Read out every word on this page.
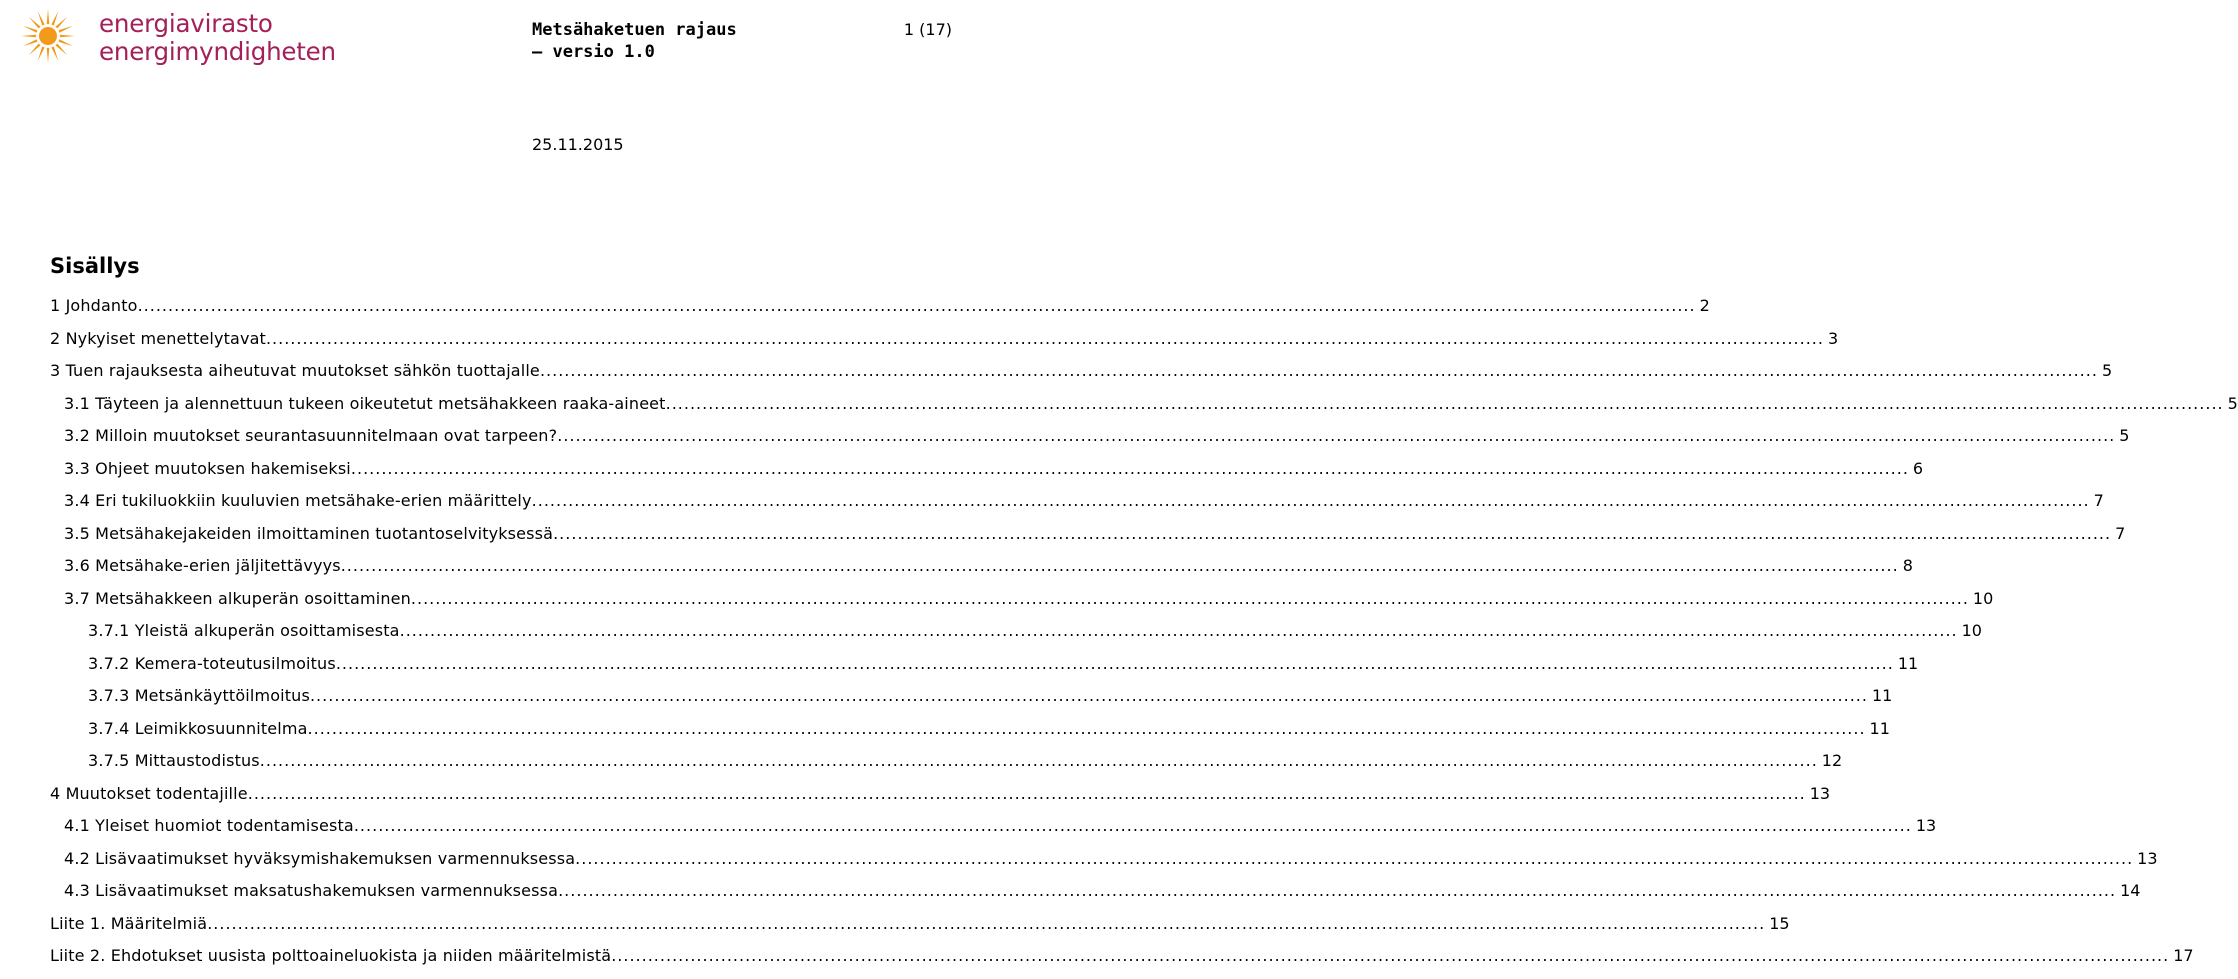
energiavirasto
energimyndigheten
Metsähaketuen rajaus
— versio 1.0
1 (17)
25.11.2015
Sisällys
1 Johdanto .....	2
2 Nykyiset menettelytavat .....	3
3 Tuen rajauksesta aiheutuvat muutokset sähkön tuottajalle .....	5
3.1 Täyteen ja alennettuun tukeen oikeutetut metsähakkeen raaka-aineet .....	5
3.2 Milloin muutokset seurantasuunnitelmaan ovat tarpeen? .....	5
3.3 Ohjeet muutoksen hakemiseksi .....	6
3.4 Eri tukiluokkiin kuuluvien metsähake-erien määrittely .....	7
3.5 Metsähakejakeiden ilmoittaminen tuotantoselvityksessä .....	7
3.6 Metsähake-erien jäljitettävyys .....	8
3.7 Metsähakkeen alkuperän osoittaminen .....	10
3.7.1 Yleistä alkuperän osoittamisesta .....	10
3.7.2 Kemera-toteutusilmoitus .....	11
3.7.3 Metsänkäyttöilmoitus .....	11
3.7.4 Leimikkosuunnitelma .....	11
3.7.5 Mittaustodistus .....	12
4 Muutokset todentajille .....	13
4.1 Yleiset huomiot todentamisesta .....	13
4.2 Lisävaatimukset hyväksymishakemuksen varmennuksessa .....	13
4.3 Lisävaatimukset maksatushakemuksen varmennuksessa .....	14
Liite 1. Määritelmiä .....	15
Liite 2. Ehdotukset uusista polttoaineluokista ja niiden määritelmistä .....	17
